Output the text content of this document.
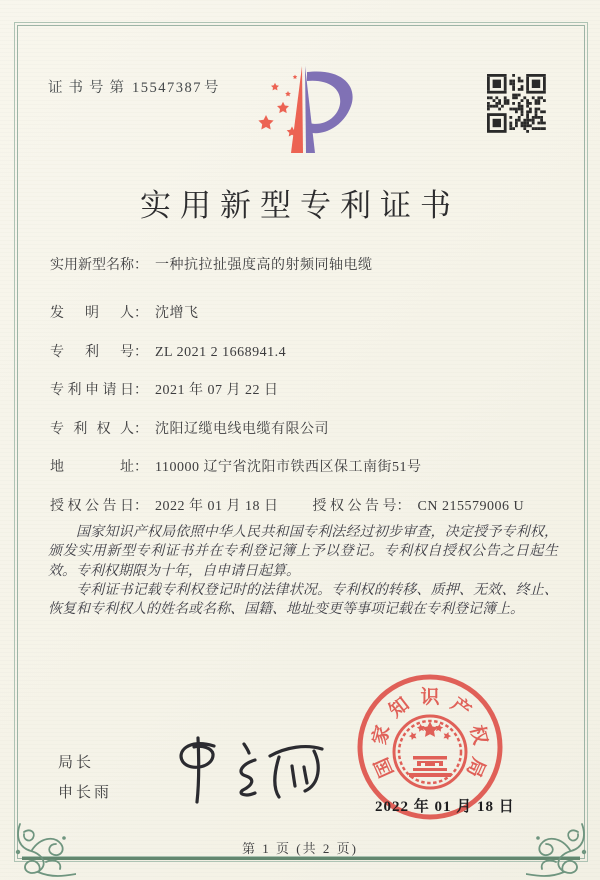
证书号第 15547387 号
实用新型专利证书
实用新型名称： 一种抗拉扯强度高的射频同轴电缆
发明人： 沈增飞
专利号： ZL 2021 2 1668941.4
专利申请日： 2021 年 07 月 22 日
专利权人： 沈阳辽缆电线电缆有限公司
地址： 110000 辽宁省沈阳市铁西区保工南街51号
授权公告日： 2022 年 01 月 18 日 授权公告号： CN 215579006 U

国家知识产权局依照中华人民共和国专利法经过初步审查，决定授予专利权，颁发实用新型专利证书并在专利登记簿上予以登记。专利权自授权公告之日起生效。专利权期限为十年，自申请日起算。

专利证书记载专利权登记时的法律状况。专利权的转移、质押、无效、终止、恢复和专利权人的姓名或名称、国籍、地址变更等事项记载在专利登记簿上。

局长
申长雨
国
家
知 识 产
权
局
2022 年 01 月 18 日
第 1 页 (共 2 页)
